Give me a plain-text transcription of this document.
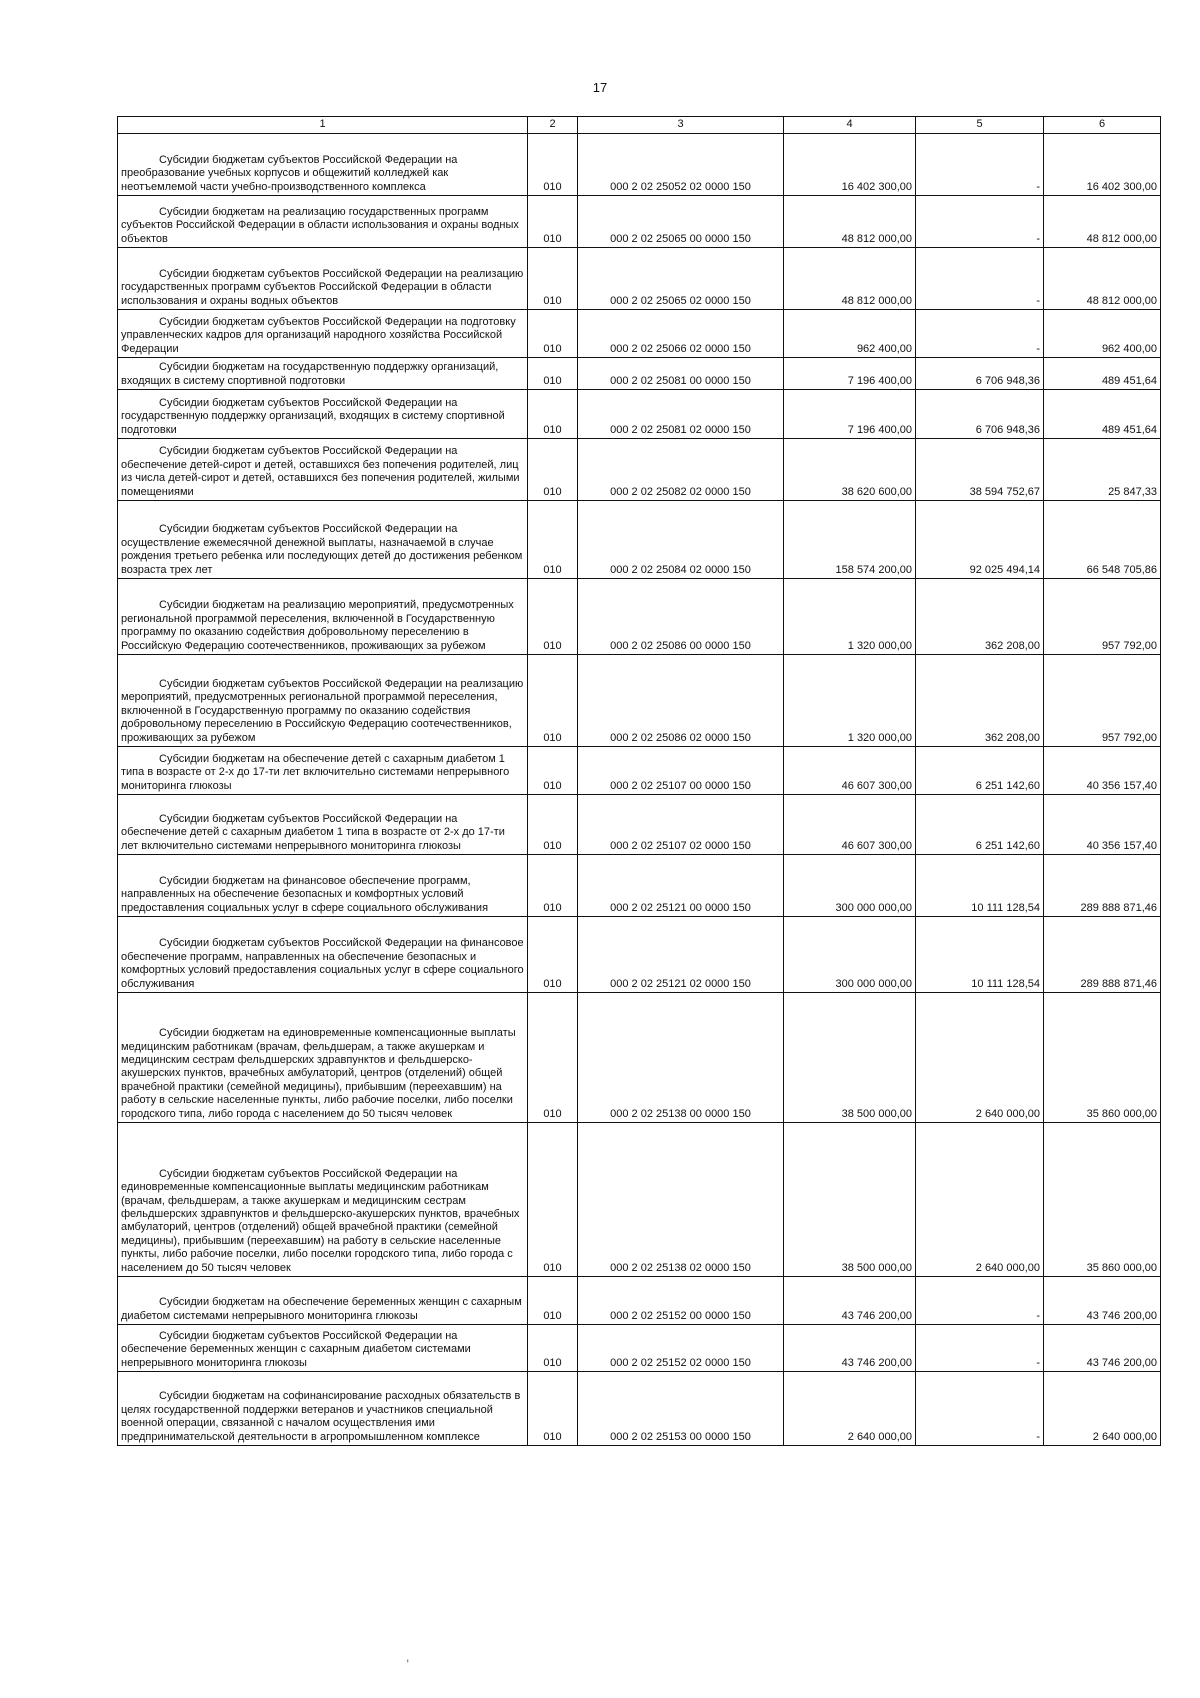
17
1	2	3	4	5	6
Субсидии бюджетам субъектов Российской Федерации на преобразование учебных корпусов и общежитий колледжей как неотъемлемой части учебно-производственного комплекса	010	000 2 02 25052 02 0000 150	16 402 300,00	-	16 402 300,00
Субсидии бюджетам на реализацию государственных программ субъектов Российской Федерации в области использования и охраны водных объектов	010	000 2 02 25065 00 0000 150	48 812 000,00	-	48 812 000,00
Субсидии бюджетам субъектов Российской Федерации на реализацию государственных программ субъектов Российской Федерации в области использования и охраны водных объектов	010	000 2 02 25065 02 0000 150	48 812 000,00	-	48 812 000,00
Субсидии бюджетам субъектов Российской Федерации на подготовку управленческих кадров для организаций народного хозяйства Российской Федерации	010	000 2 02 25066 02 0000 150	962 400,00	-	962 400,00
Субсидии бюджетам на государственную поддержку организаций, входящих в систему спортивной подготовки	010	000 2 02 25081 00 0000 150	7 196 400,00	6 706 948,36	489 451,64
Субсидии бюджетам субъектов Российской Федерации на государственную поддержку организаций, входящих в систему спортивной подготовки	010	000 2 02 25081 02 0000 150	7 196 400,00	6 706 948,36	489 451,64
Субсидии бюджетам субъектов Российской Федерации на обеспечение детей-сирот и детей, оставшихся без попечения родителей, лиц из числа детей-сирот и детей, оставшихся без попечения родителей, жилыми помещениями	010	000 2 02 25082 02 0000 150	38 620 600,00	38 594 752,67	25 847,33
Субсидии бюджетам субъектов Российской Федерации на осуществление ежемесячной денежной выплаты, назначаемой в случае рождения третьего ребенка или последующих детей до достижения ребенком возраста трех лет	010	000 2 02 25084 02 0000 150	158 574 200,00	92 025 494,14	66 548 705,86
Субсидии бюджетам на реализацию мероприятий, предусмотренных региональной программой переселения, включенной в Государственную программу по оказанию содействия добровольному переселению в Российскую Федерацию соотечественников, проживающих за рубежом	010	000 2 02 25086 00 0000 150	1 320 000,00	362 208,00	957 792,00
Субсидии бюджетам субъектов Российской Федерации на реализацию мероприятий, предусмотренных региональной программой переселения, включенной в Государственную программу по оказанию содействия добровольному переселению в Российскую Федерацию соотечественников, проживающих за рубежом	010	000 2 02 25086 02 0000 150	1 320 000,00	362 208,00	957 792,00
Субсидии бюджетам на обеспечение детей с сахарным диабетом 1 типа в возрасте от 2-х до 17-ти лет включительно системами непрерывного мониторинга глюкозы	010	000 2 02 25107 00 0000 150	46 607 300,00	6 251 142,60	40 356 157,40
Субсидии бюджетам субъектов Российской Федерации на обеспечение детей с сахарным диабетом 1 типа в возрасте от 2-х до 17-ти лет включительно системами непрерывного мониторинга глюкозы	010	000 2 02 25107 02 0000 150	46 607 300,00	6 251 142,60	40 356 157,40
Субсидии бюджетам на финансовое обеспечение программ, направленных на обеспечение безопасных и комфортных условий предоставления социальных услуг в сфере социального обслуживания	010	000 2 02 25121 00 0000 150	300 000 000,00	10 111 128,54	289 888 871,46
Субсидии бюджетам субъектов Российской Федерации на финансовое обеспечение программ, направленных на обеспечение безопасных и комфортных условий предоставления социальных услуг в сфере социального обслуживания	010	000 2 02 25121 02 0000 150	300 000 000,00	10 111 128,54	289 888 871,46
Субсидии бюджетам на единовременные компенсационные выплаты медицинским работникам (врачам, фельдшерам, а также акушеркам и медицинским сестрам фельдшерских здравпунктов и фельдшерско-акушерских пунктов, врачебных амбулаторий, центров (отделений) общей врачебной практики (семейной медицины), прибывшим (переехавшим) на работу в сельские населенные пункты, либо рабочие поселки, либо поселки городского типа, либо города с населением до 50 тысяч человек	010	000 2 02 25138 00 0000 150	38 500 000,00	2 640 000,00	35 860 000,00
Субсидии бюджетам субъектов Российской Федерации на единовременные компенсационные выплаты медицинским работникам (врачам, фельдшерам, а также акушеркам и медицинским сестрам фельдшерских здравпунктов и фельдшерско-акушерских пунктов, врачебных амбулаторий, центров (отделений) общей врачебной практики (семейной медицины), прибывшим (переехавшим) на работу в сельские населенные пункты, либо рабочие поселки, либо поселки городского типа, либо города с населением до 50 тысяч человек	010	000 2 02 25138 02 0000 150	38 500 000,00	2 640 000,00	35 860 000,00
Субсидии бюджетам на обеспечение беременных женщин с сахарным диабетом системами непрерывного мониторинга глюкозы	010	000 2 02 25152 00 0000 150	43 746 200,00	-	43 746 200,00
Субсидии бюджетам субъектов Российской Федерации на обеспечение беременных женщин с сахарным диабетом системами непрерывного мониторинга глюкозы	010	000 2 02 25152 02 0000 150	43 746 200,00	-	43 746 200,00
Субсидии бюджетам на софинансирование расходных обязательств в целях государственной поддержки ветеранов и участников специальной военной операции, связанной с началом осуществления ими предпринимательской деятельности в агропромышленном комплексе	010	000 2 02 25153 00 0000 150	2 640 000,00	-	2 640 000,00
,
